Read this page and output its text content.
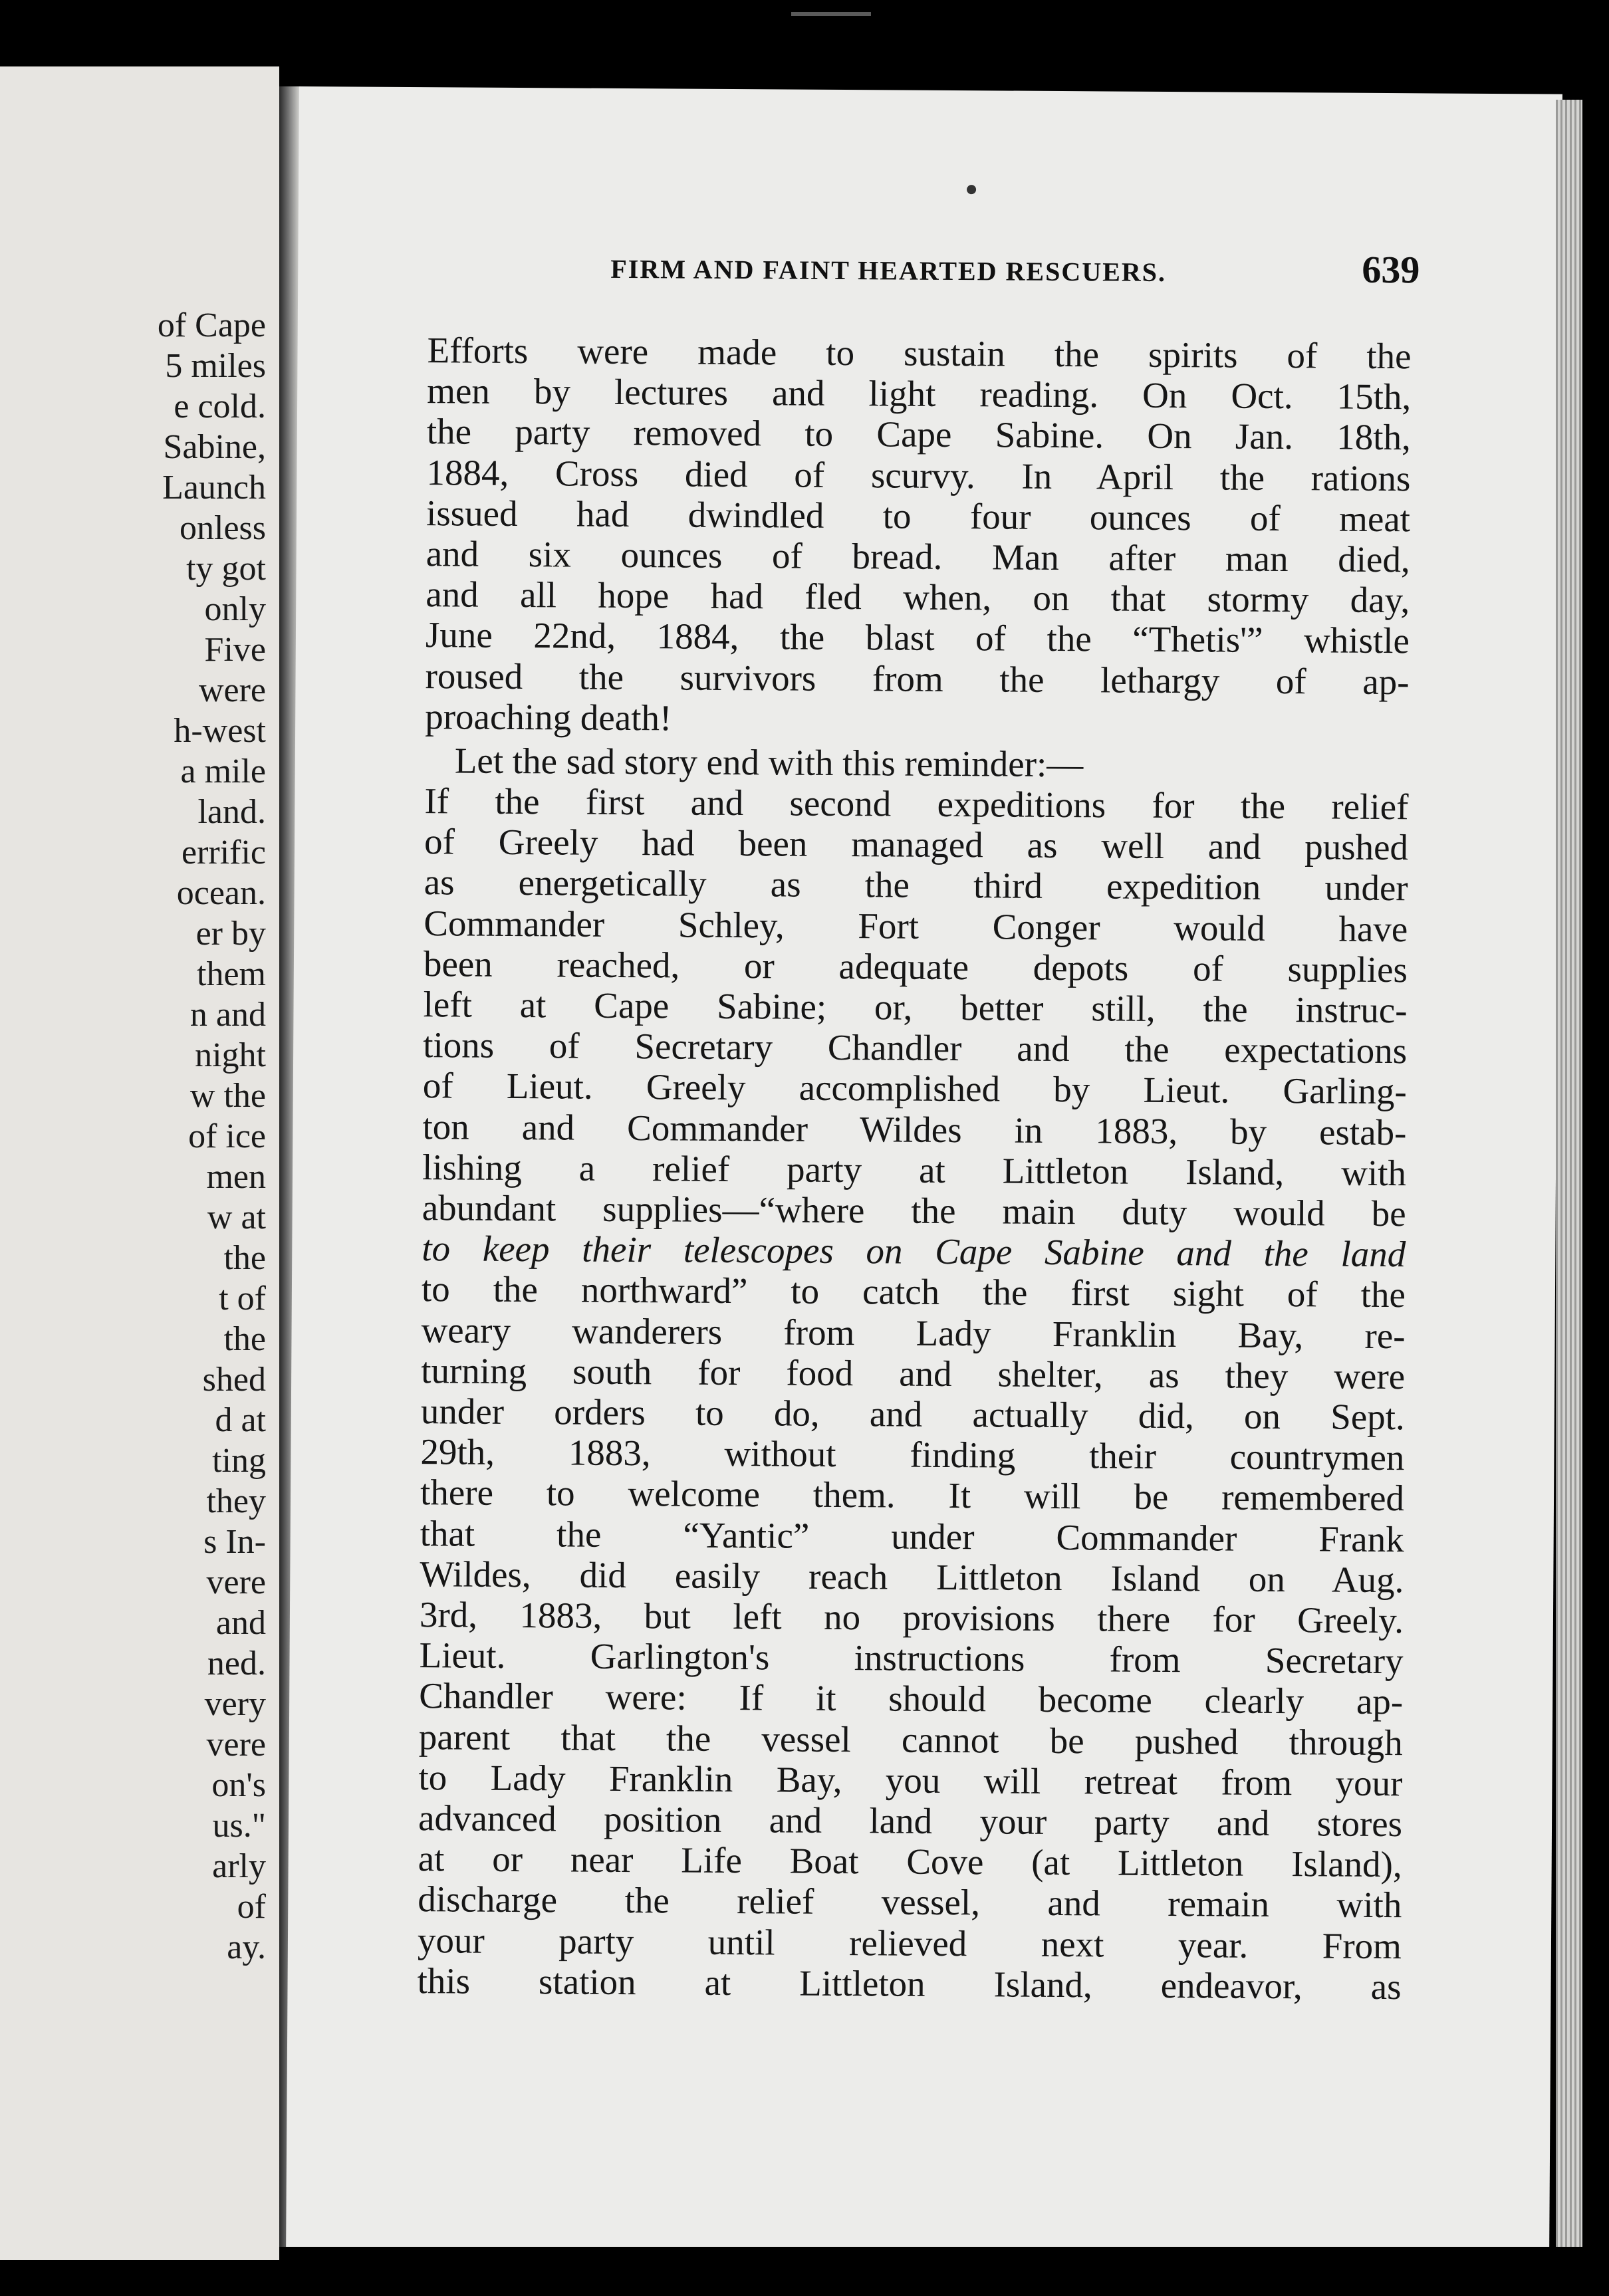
of Cape
5 miles
e cold.
Sabine,
Launch
onless
ty got
only
Five
were
h-west
a mile
land.
errific
ocean.
er by
them
n and
night
w the
of ice
men
w at
the
t of
the
shed
d at
ting
they
s In-
vere
and
ned.
very
vere
on's
us."
arly
of
ay.
FIRM AND FAINT HEARTED RESCUERS.	639
Efforts were made to sustain the spirits of the
men by lectures and light reading. On Oct. 15th,
the party removed to Cape Sabine. On Jan. 18th,
1884, Cross died of scurvy. In April the rations
issued had dwindled to four ounces of meat
and six ounces of bread. Man after man died,
and all hope had fled when, on that stormy day,
June 22nd, 1884, the blast of the “Thetis'” whistle
roused the survivors from the lethargy of ap-
proaching death!
Let the sad story end with this reminder:—
If the first and second expeditions for the relief
of Greely had been managed as well and pushed
as energetically as the third expedition under
Commander Schley, Fort Conger would have
been reached, or adequate depots of supplies
left at Cape Sabine; or, better still, the instruc-
tions of Secretary Chandler and the expectations
of Lieut. Greely accomplished by Lieut. Garling-
ton and Commander Wildes in 1883, by estab-
lishing a relief party at Littleton Island, with
abundant supplies—“where the main duty would be
to keep their telescopes on Cape Sabine and the land
to the northward” to catch the first sight of the
weary wanderers from Lady Franklin Bay, re-
turning south for food and shelter, as they were
under orders to do, and actually did, on Sept.
29th, 1883, without finding their countrymen
there to welcome them. It will be remembered
that the “Yantic” under Commander Frank
Wildes, did easily reach Littleton Island on Aug.
3rd, 1883, but left no provisions there for Greely.
Lieut. Garlington's instructions from Secretary
Chandler were: If it should become clearly ap-
parent that the vessel cannot be pushed through
to Lady Franklin Bay, you will retreat from your
advanced position and land your party and stores
at or near Life Boat Cove (at Littleton Island),
discharge the relief vessel, and remain with
your party until relieved next year. From
this station at Littleton Island, endeavor, as
